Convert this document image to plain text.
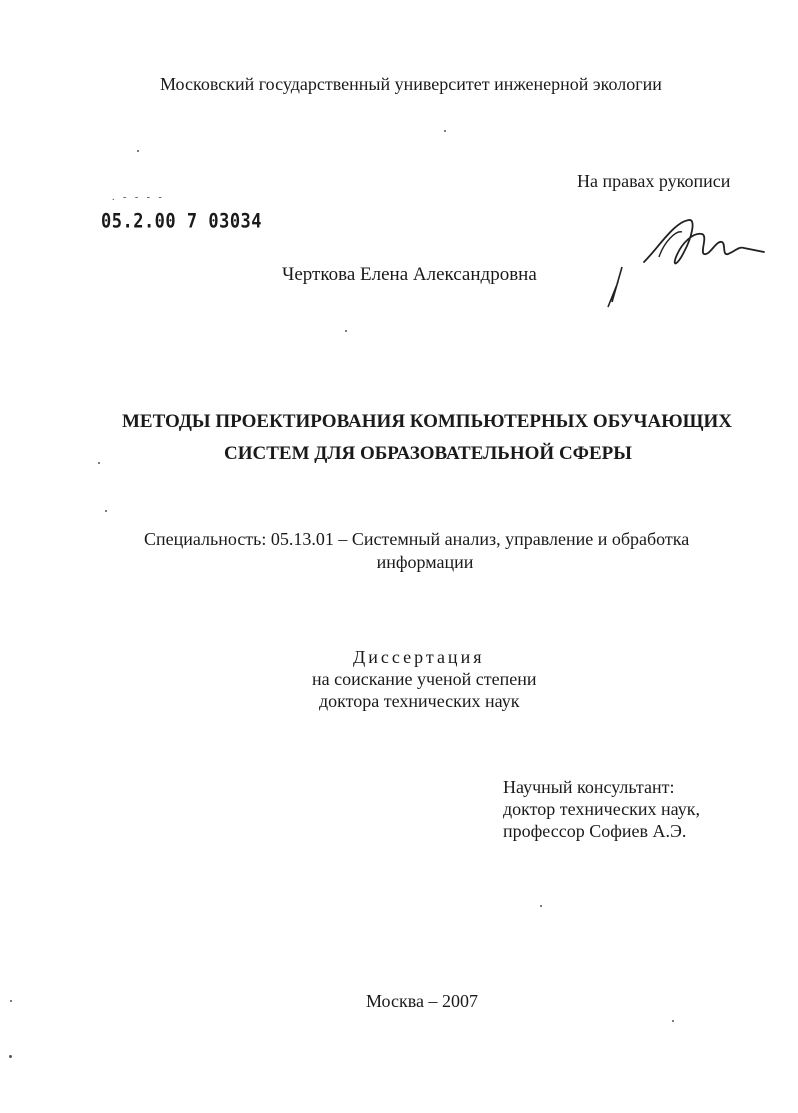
Московский государственный университет инженерной экологии
На правах рукописи
. - - - -
05.2.00 7 03034
Черткова Елена Александровна
МЕТОДЫ ПРОЕКТИРОВАНИЯ КОМПЬЮТЕРНЫХ ОБУЧАЮЩИХ
СИСТЕМ ДЛЯ ОБРАЗОВАТЕЛЬНОЙ СФЕРЫ
Специальность: 05.13.01 – Системный анализ, управление и обработка
информации
Диссертация
на соискание ученой степени
доктора технических наук
Научный консультант:
доктор технических наук,
профессор Софиев А.Э.
Москва – 2007
